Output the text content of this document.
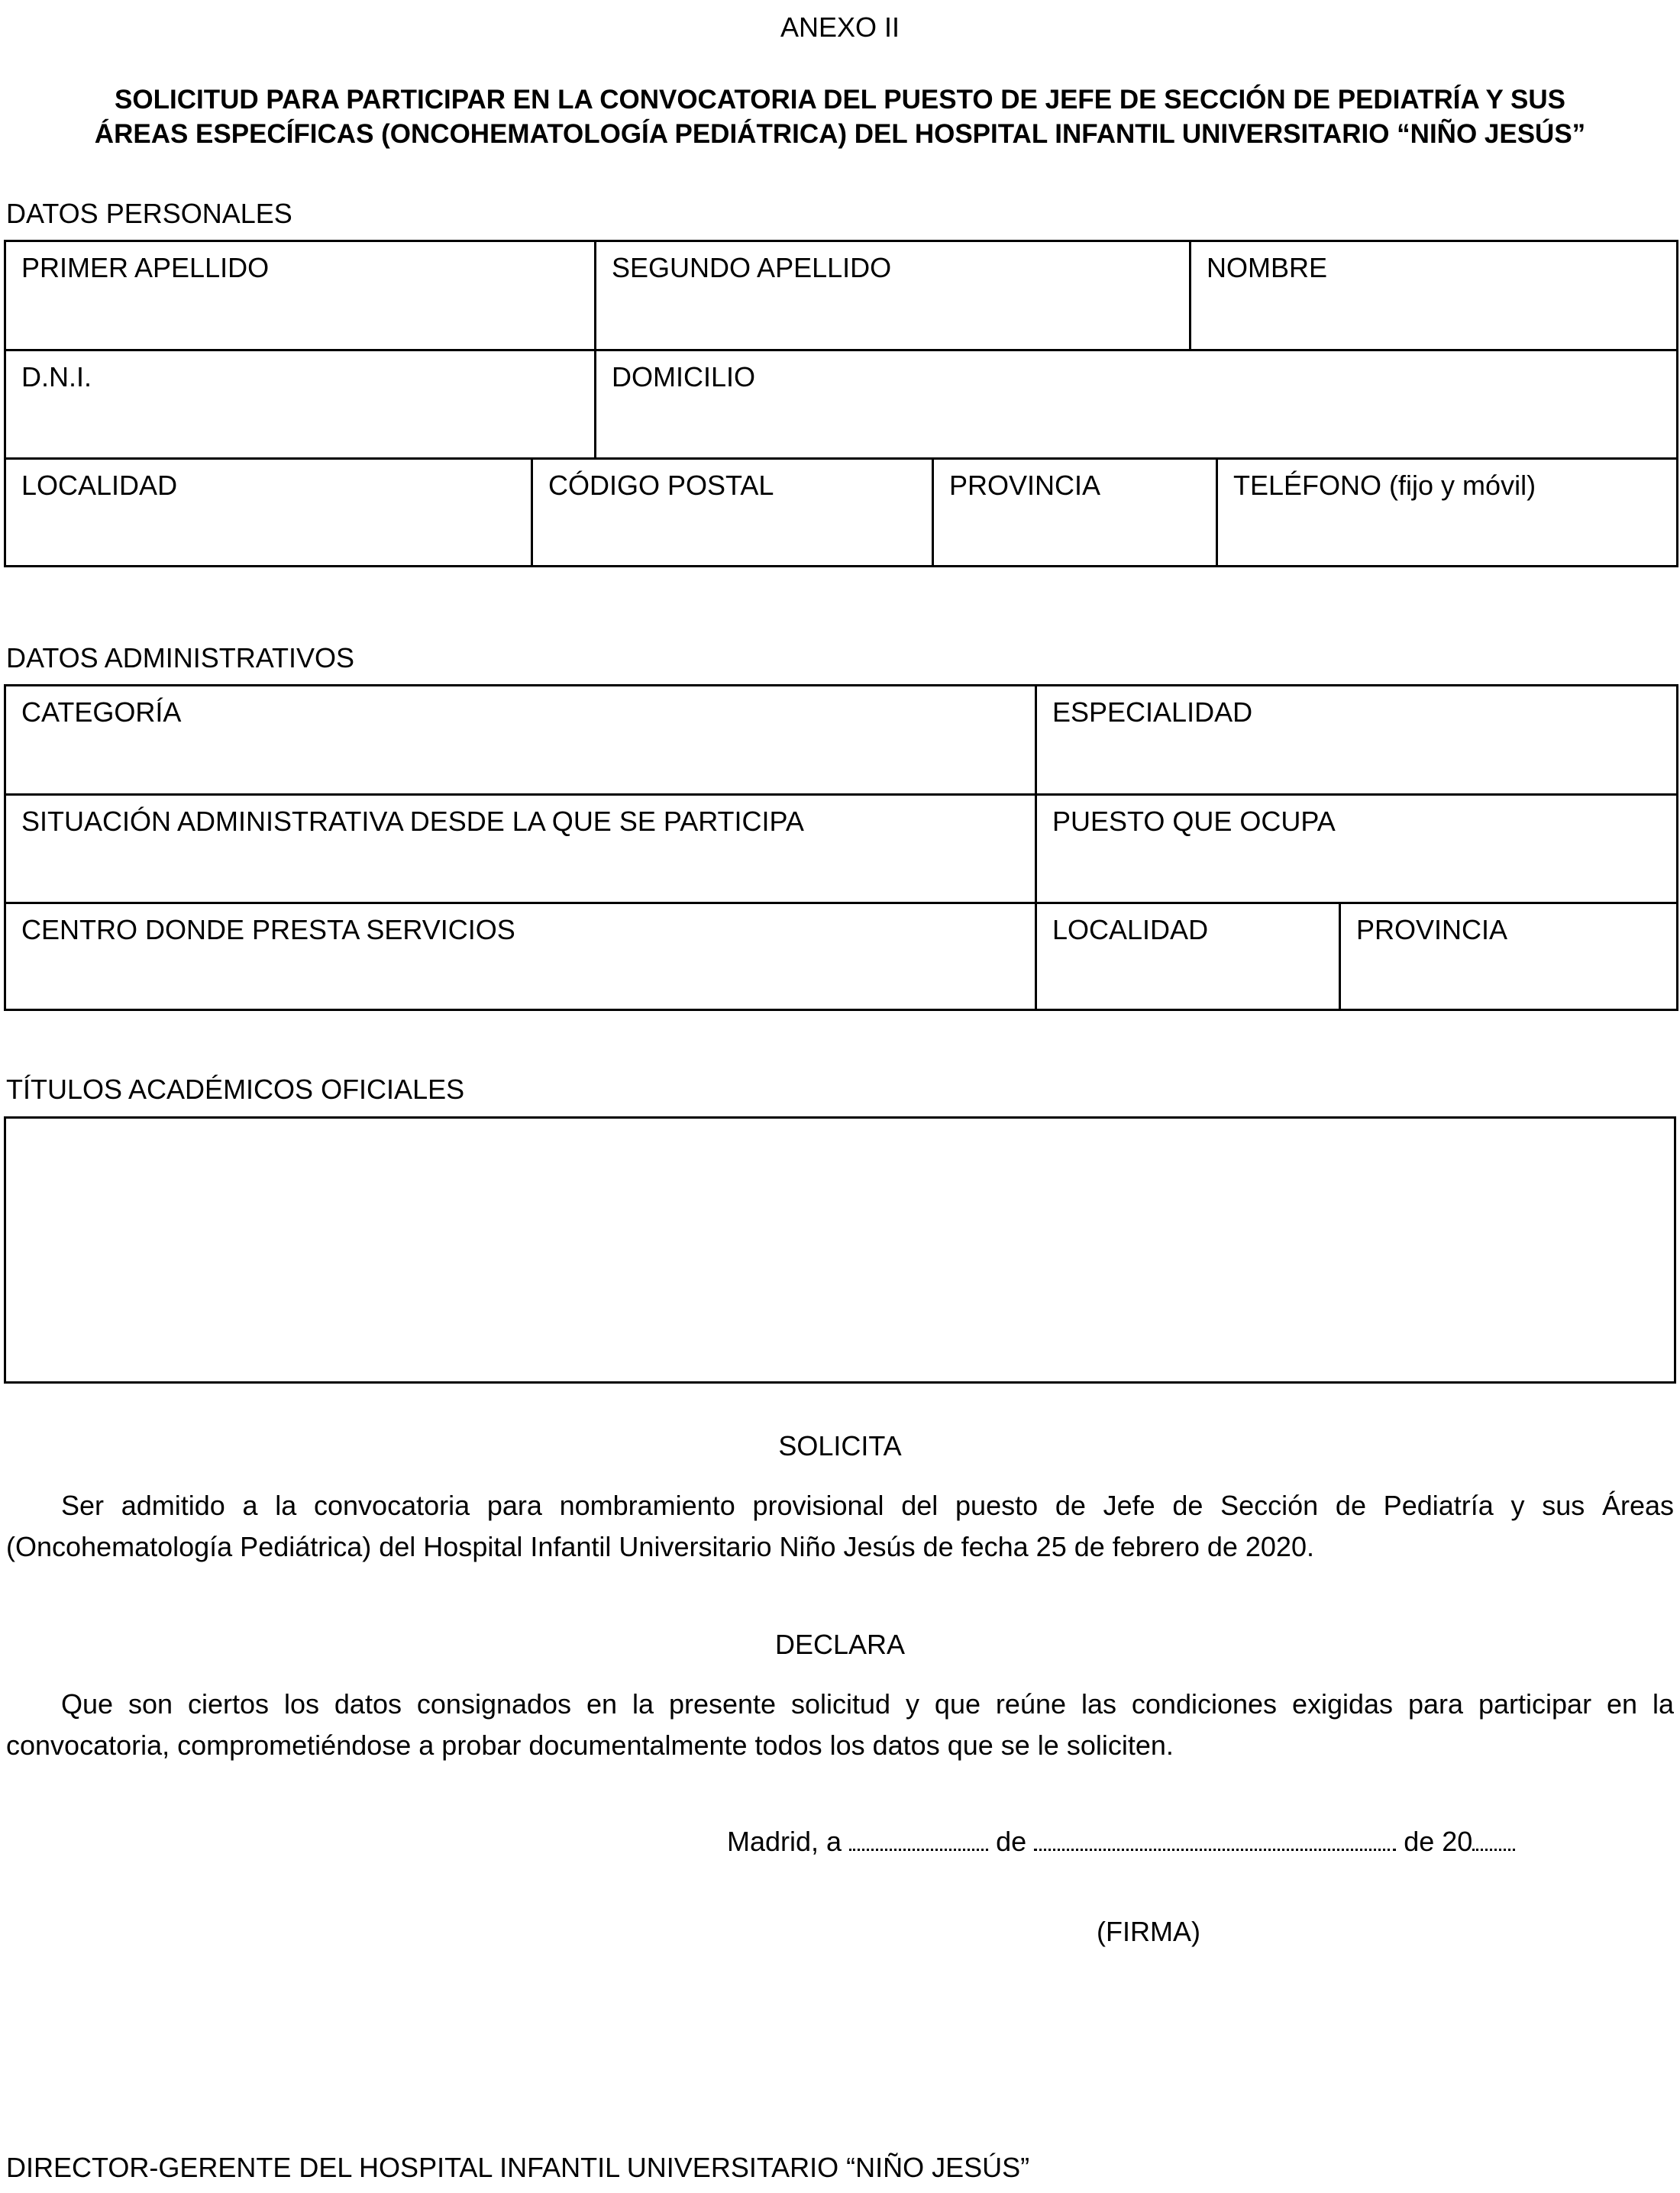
ANEXO II
SOLICITUD PARA PARTICIPAR EN LA CONVOCATORIA DEL PUESTO DE JEFE DE SECCIÓN DE PEDIATRÍA Y SUS
ÁREAS ESPECÍFICAS (ONCOHEMATOLOGÍA PEDIÁTRICA) DEL HOSPITAL INFANTIL UNIVERSITARIO “NIÑO JESÚS”
DATOS PERSONALES
PRIMER APELLIDO		SEGUNDO APELLIDO		NOMBRE	
D.N.I.		DOMICILIO			
LOCALIDAD	CÓDIGO POSTAL		PROVINCIA		TELÉFONO (fijo y móvil)
DATOS ADMINISTRATIVOS
CATEGORÍA	ESPECIALIDAD	
SITUACIÓN ADMINISTRATIVA DESDE LA QUE SE PARTICIPA	PUESTO QUE OCUPA	
CENTRO DONDE PRESTA SERVICIOS	LOCALIDAD	PROVINCIA
TÍTULOS ACADÉMICOS OFICIALES
SOLICITA
Ser admitido a la convocatoria para nombramiento provisional del puesto de Jefe de Sección de Pediatría y sus Áreas (Oncohematología Pediátrica) del Hospital Infantil Universitario Niño Jesús de fecha 25 de febrero de 2020.
DECLARA
Que son ciertos los datos consignados en la presente solicitud y que reúne las condiciones exigidas para participar en la convocatoria, comprometiéndose a probar documentalmente todos los datos que se le soliciten.
Madrid, a	de	de 20
(FIRMA)
DIRECTOR-GERENTE DEL HOSPITAL INFANTIL UNIVERSITARIO “NIÑO JESÚS”
